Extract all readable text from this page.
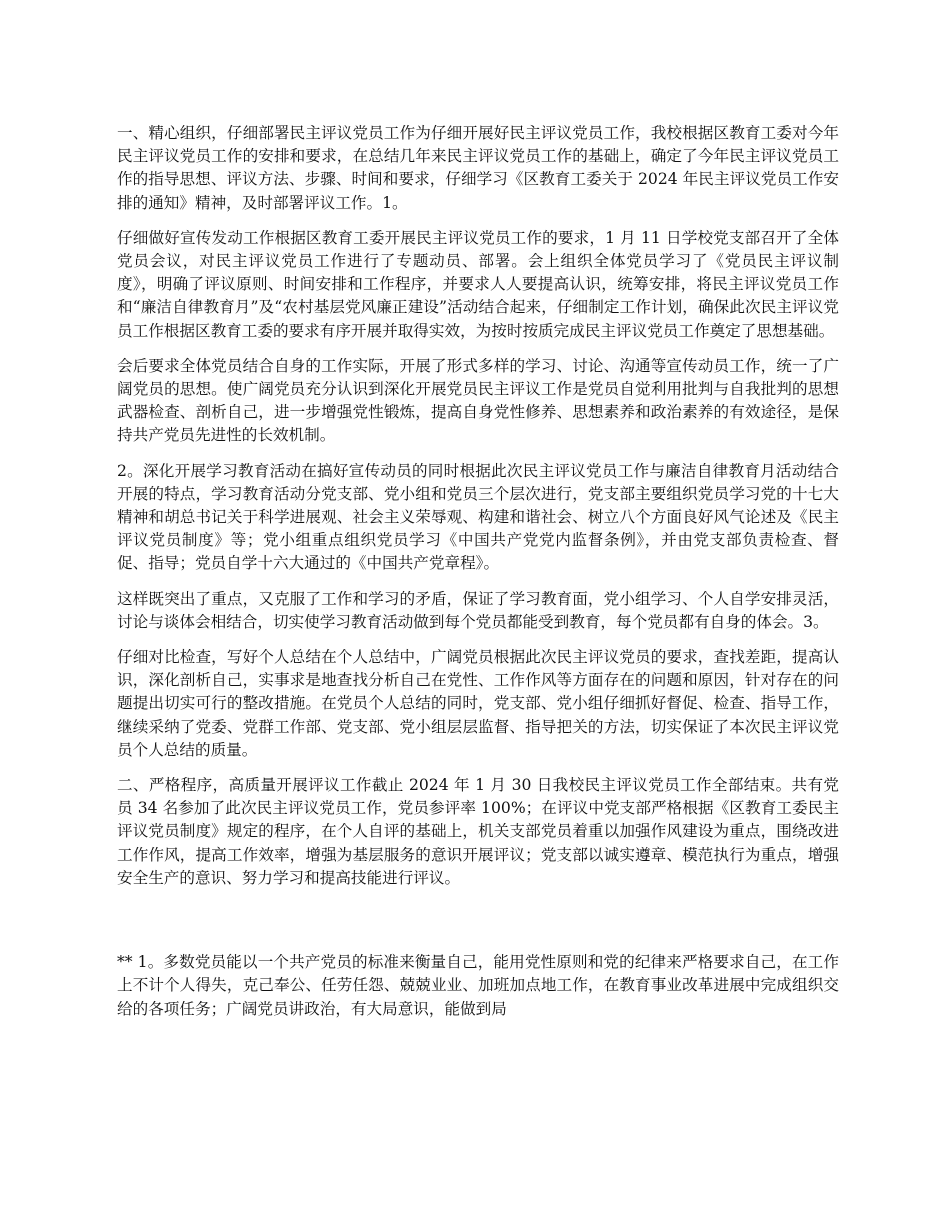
一、精心组织，仔细部署民主评议党员工作为仔细开展好民主评议党员工作，我校根据区教育工委对今年民主评议党员工作的安排和要求，在总结几年来民主评议党员工作的基础上，确定了今年民主评议党员工作的指导思想、评议方法、步骤、时间和要求，仔细学习《区教育工委关于 2024 年民主评议党员工作安排的通知》精神，及时部署评议工作。1。

仔细做好宣传发动工作根据区教育工委开展民主评议党员工作的要求，1 月 11 日学校党支部召开了全体党员会议，对民主评议党员工作进行了专题动员、部署。会上组织全体党员学习了《党员民主评议制度》，明确了评议原则、时间安排和工作程序，并要求人人要提高认识，统筹安排，将民主评议党员工作和“廉洁自律教育月”及“农村基层党风廉正建设”活动结合起来，仔细制定工作计划，确保此次民主评议党员工作根据区教育工委的要求有序开展并取得实效，为按时按质完成民主评议党员工作奠定了思想基础。

会后要求全体党员结合自身的工作实际，开展了形式多样的学习、讨论、沟通等宣传动员工作，统一了广阔党员的思想。使广阔党员充分认识到深化开展党员民主评议工作是党员自觉利用批判与自我批判的思想武器检查、剖析自己，进一步增强党性锻炼，提高自身党性修养、思想素养和政治素养的有效途径，是保持共产党员先进性的长效机制。

2。深化开展学习教育活动在搞好宣传动员的同时根据此次民主评议党员工作与廉洁自律教育月活动结合开展的特点，学习教育活动分党支部、党小组和党员三个层次进行，党支部主要组织党员学习党的十七大精神和胡总书记关于科学进展观、社会主义荣辱观、构建和谐社会、树立八个方面良好风气论述及《民主评议党员制度》等；党小组重点组织党员学习《中国共产党党内监督条例》，并由党支部负责检查、督促、指导；党员自学十六大通过的《中国共产党章程》。

这样既突出了重点，又克服了工作和学习的矛盾，保证了学习教育面，党小组学习、个人自学安排灵活，讨论与谈体会相结合，切实使学习教育活动做到每个党员都能受到教育，每个党员都有自身的体会。3。

仔细对比检查，写好个人总结在个人总结中，广阔党员根据此次民主评议党员的要求，查找差距，提高认识，深化剖析自己，实事求是地查找分析自己在党性、工作作风等方面存在的问题和原因，针对存在的问题提出切实可行的整改措施。在党员个人总结的同时，党支部、党小组仔细抓好督促、检查、指导工作，继续采纳了党委、党群工作部、党支部、党小组层层监督、指导把关的方法，切实保证了本次民主评议党员个人总结的质量。

二、严格程序，高质量开展评议工作截止 2024 年 1 月 30 日我校民主评议党员工作全部结束。共有党员 34 名参加了此次民主评议党员工作，党员参评率 100%；在评议中党支部严格根据《区教育工委民主评议党员制度》规定的程序，在个人自评的基础上，机关支部党员着重以加强作风建设为重点，围绕改进工作作风，提高工作效率，增强为基层服务的意识开展评议；党支部以诚实遵章、模范执行为重点，增强安全生产的意识、努力学习和提高技能进行评议。

** 1。多数党员能以一个共产党员的标准来衡量自己，能用党性原则和党的纪律来严格要求自己，在工作上不计个人得失，克己奉公、任劳任怨、兢兢业业、加班加点地工作，在教育事业改革进展中完成组织交给的各项任务；广阔党员讲政治，有大局意识，能做到局
